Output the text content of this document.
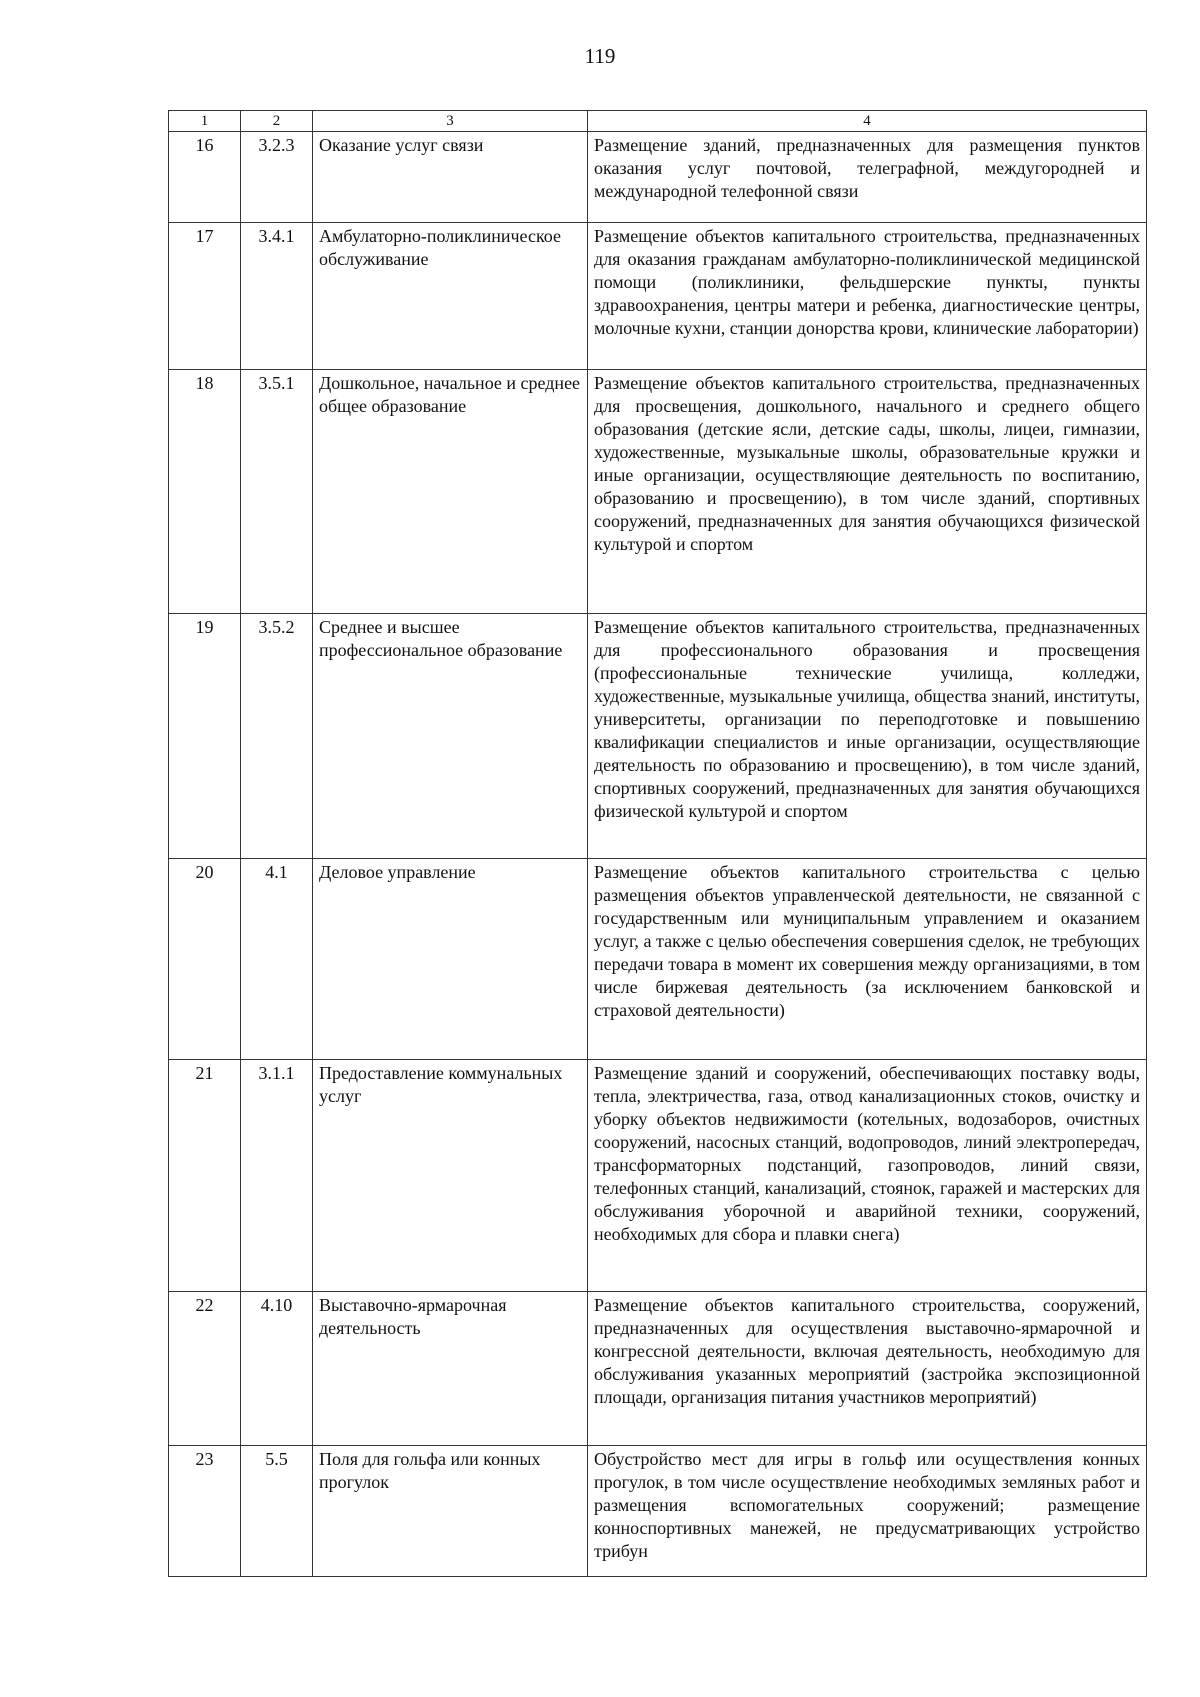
119
1	2	3	4
16	3.2.3	Оказание услуг связи	Размещение зданий, предназначенных для размещения пунктов оказания услуг почтовой, телеграфной, междугородней и международной телефонной связи
17	3.4.1	Амбулаторно-поликлиническое обслуживание	Размещение объектов капитального строительства, предназначенных для оказания гражданам амбулаторно-поликлинической медицинской помощи (поликлиники, фельдшерские пункты, пункты здравоохранения, центры матери и ребенка, диагностические центры, молочные кухни, станции донорства крови, клинические лаборатории)
18	3.5.1	Дошкольное, начальное и среднее общее образование	Размещение объектов капитального строительства, предназначенных для просвещения, дошкольного, начального и среднего общего образования (детские ясли, детские сады, школы, лицеи, гимназии, художественные, музыкальные школы, образовательные кружки и иные организации, осуществляющие деятельность по воспитанию, образованию и просвещению), в том числе зданий, спортивных сооружений, предназначенных для занятия обучающихся физической культурой и спортом
19	3.5.2	Среднее и высшее профессиональное образование	Размещение объектов капитального строительства, предназначенных для профессионального образования и просвещения (профессиональные технические училища, колледжи, художественные, музыкальные училища, общества знаний, институты, университеты, организации по переподготовке и повышению квалификации специалистов и иные организации, осуществляющие деятельность по образованию и просвещению), в том числе зданий, спортивных сооружений, предназначенных для занятия обучающихся физической культурой и спортом
20	4.1	Деловое управление	Размещение объектов капитального строительства с целью размещения объектов управленческой деятельности, не связанной с государственным или муниципальным управлением и оказанием услуг, а также с целью обеспечения совершения сделок, не требующих передачи товара в момент их совершения между организациями, в том числе биржевая деятельность (за исключением банковской и страховой деятельности)
21	3.1.1	Предоставление коммунальных услуг	Размещение зданий и сооружений, обеспечивающих поставку воды, тепла, электричества, газа, отвод канализационных стоков, очистку и уборку объектов недвижимости (котельных, водозаборов, очистных сооружений, насосных станций, водопроводов, линий электропередач, трансформаторных подстанций, газопроводов, линий связи, телефонных станций, канализаций, стоянок, гаражей и мастерских для обслуживания уборочной и аварийной техники, сооружений, необходимых для сбора и плавки снега)
22	4.10	Выставочно-ярмарочная деятельность	Размещение объектов капитального строительства, сооружений, предназначенных для осуществления выставочно-ярмарочной и конгрессной деятельности, включая деятельность, необходимую для обслуживания указанных мероприятий (застройка экспозиционной площади, организация питания участников мероприятий)
23	5.5	Поля для гольфа или конных прогулок	Обустройство мест для игры в гольф или осуществления конных прогулок, в том числе осуществление необходимых земляных работ и размещения вспомогательных сооружений; размещение конноспортивных манежей, не предусматривающих устройство трибун
